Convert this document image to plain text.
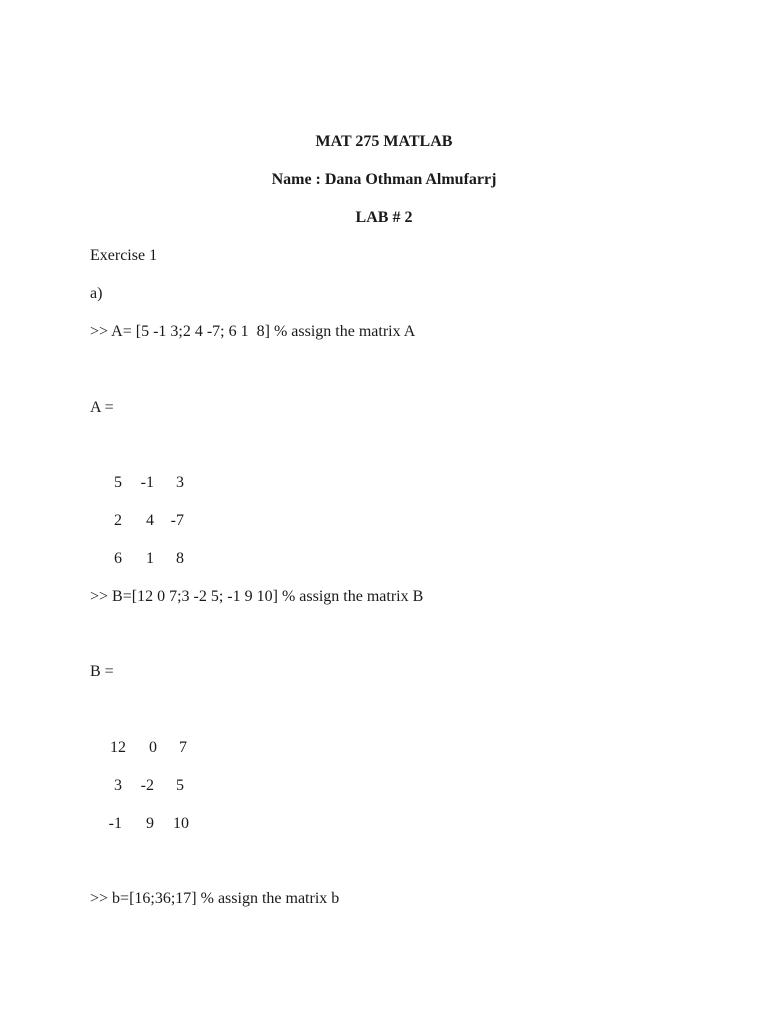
MAT 275 MATLAB
Name : Dana Othman Almufarrj
LAB # 2
Exercise 1
a)
>> A= [5 -1 3;2 4 -7; 6 1  8] % assign the matrix A
A =
5	-1	3
2	4	-7
6	1	8
>> B=[12 0 7;3 -2 5; -1 9 10] % assign the matrix B
B =
12	0	7
3	-2	5
-1	9	10
>> b=[16;36;17] % assign the matrix b
